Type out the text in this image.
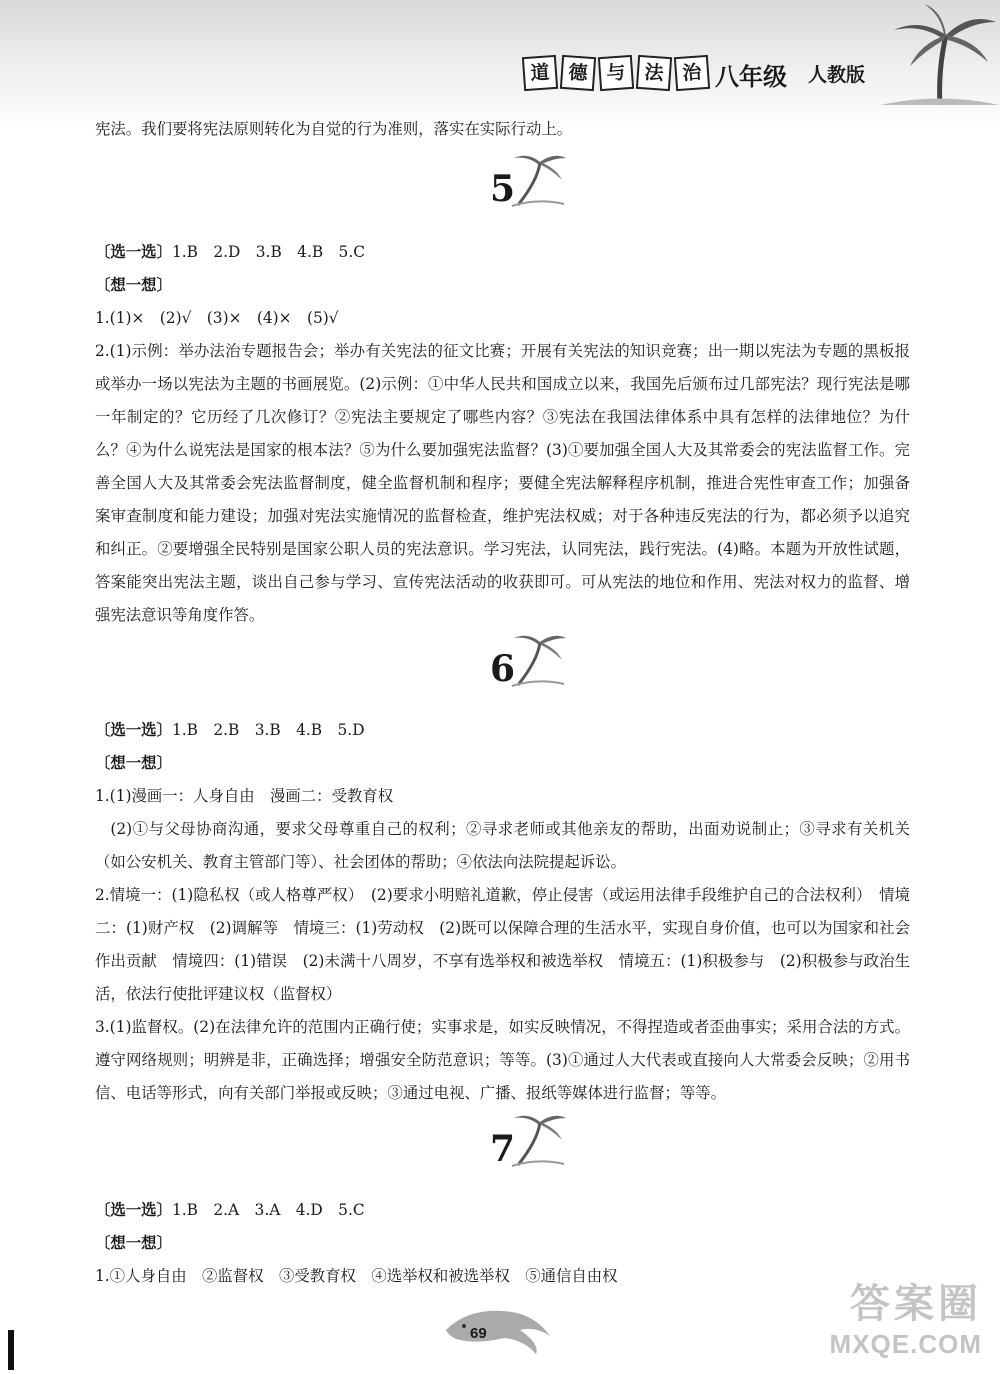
道 德 与 法 治 八年级 人教版

宪法。我们要将宪法原则转化为自觉的行为准则，落实在实际行动上。

5

〔选一选〕1.B　2.D　3.B　4.B　5.C

〔想一想〕

1.(1)×　(2)√　(3)×　(4)×　(5)√

2.(1)示例：举办法治专题报告会；举办有关宪法的征文比赛；开展有关宪法的知识竞赛；出一期以宪法为专题的黑板报或举办一场以宪法为主题的书画展览。(2)示例：①中华人民共和国成立以来，我国先后颁布过几部宪法？现行宪法是哪一年制定的？它历经了几次修订？②宪法主要规定了哪些内容？③宪法在我国法律体系中具有怎样的法律地位？为什么？④为什么说宪法是国家的根本法？⑤为什么要加强宪法监督？(3)①要加强全国人大及其常委会的宪法监督工作。完善全国人大及其常委会宪法监督制度，健全监督机制和程序；要健全宪法解释程序机制，推进合宪性审查工作；加强备案审查制度和能力建设；加强对宪法实施情况的监督检查，维护宪法权威；对于各种违反宪法的行为，都必须予以追究和纠正。②要增强全民特别是国家公职人员的宪法意识。学习宪法，认同宪法，践行宪法。(4)略。本题为开放性试题，答案能突出宪法主题，谈出自己参与学习、宣传宪法活动的收获即可。可从宪法的地位和作用、宪法对权力的监督、增强宪法意识等角度作答。

6

〔选一选〕1.B　2.B　3.B　4.B　5.D

〔想一想〕

1.(1)漫画一：人身自由　漫画二：受教育权

(2)①与父母协商沟通，要求父母尊重自己的权利；②寻求老师或其他亲友的帮助，出面劝说制止；③寻求有关机关（如公安机关、教育主管部门等）、社会团体的帮助；④依法向法院提起诉讼。

2.情境一：(1)隐私权（或人格尊严权）　(2)要求小明赔礼道歉，停止侵害（或运用法律手段维护自己的合法权利）　情境二：(1)财产权　(2)调解等　情境三：(1)劳动权　(2)既可以保障合理的生活水平，实现自身价值，也可以为国家和社会作出贡献　情境四：(1)错误　(2)未满十八周岁，不享有选举权和被选举权　情境五：(1)积极参与　(2)积极参与政治生活，依法行使批评建议权（监督权）

3.(1)监督权。(2)在法律允许的范围内正确行使；实事求是，如实反映情况，不得捏造或者歪曲事实；采用合法的方式。遵守网络规则；明辨是非，正确选择；增强安全防范意识；等等。(3)①通过人大代表或直接向人大常委会反映；②用书信、电话等形式，向有关部门举报或反映；③通过电视、广播、报纸等媒体进行监督；等等。

7

〔选一选〕1.B　2.A　3.A　4.D　5.C

〔想一想〕

1.①人身自由　②监督权　③受教育权　④选举权和被选举权　⑤通信自由权

69
答案圈
MXQE.COM
